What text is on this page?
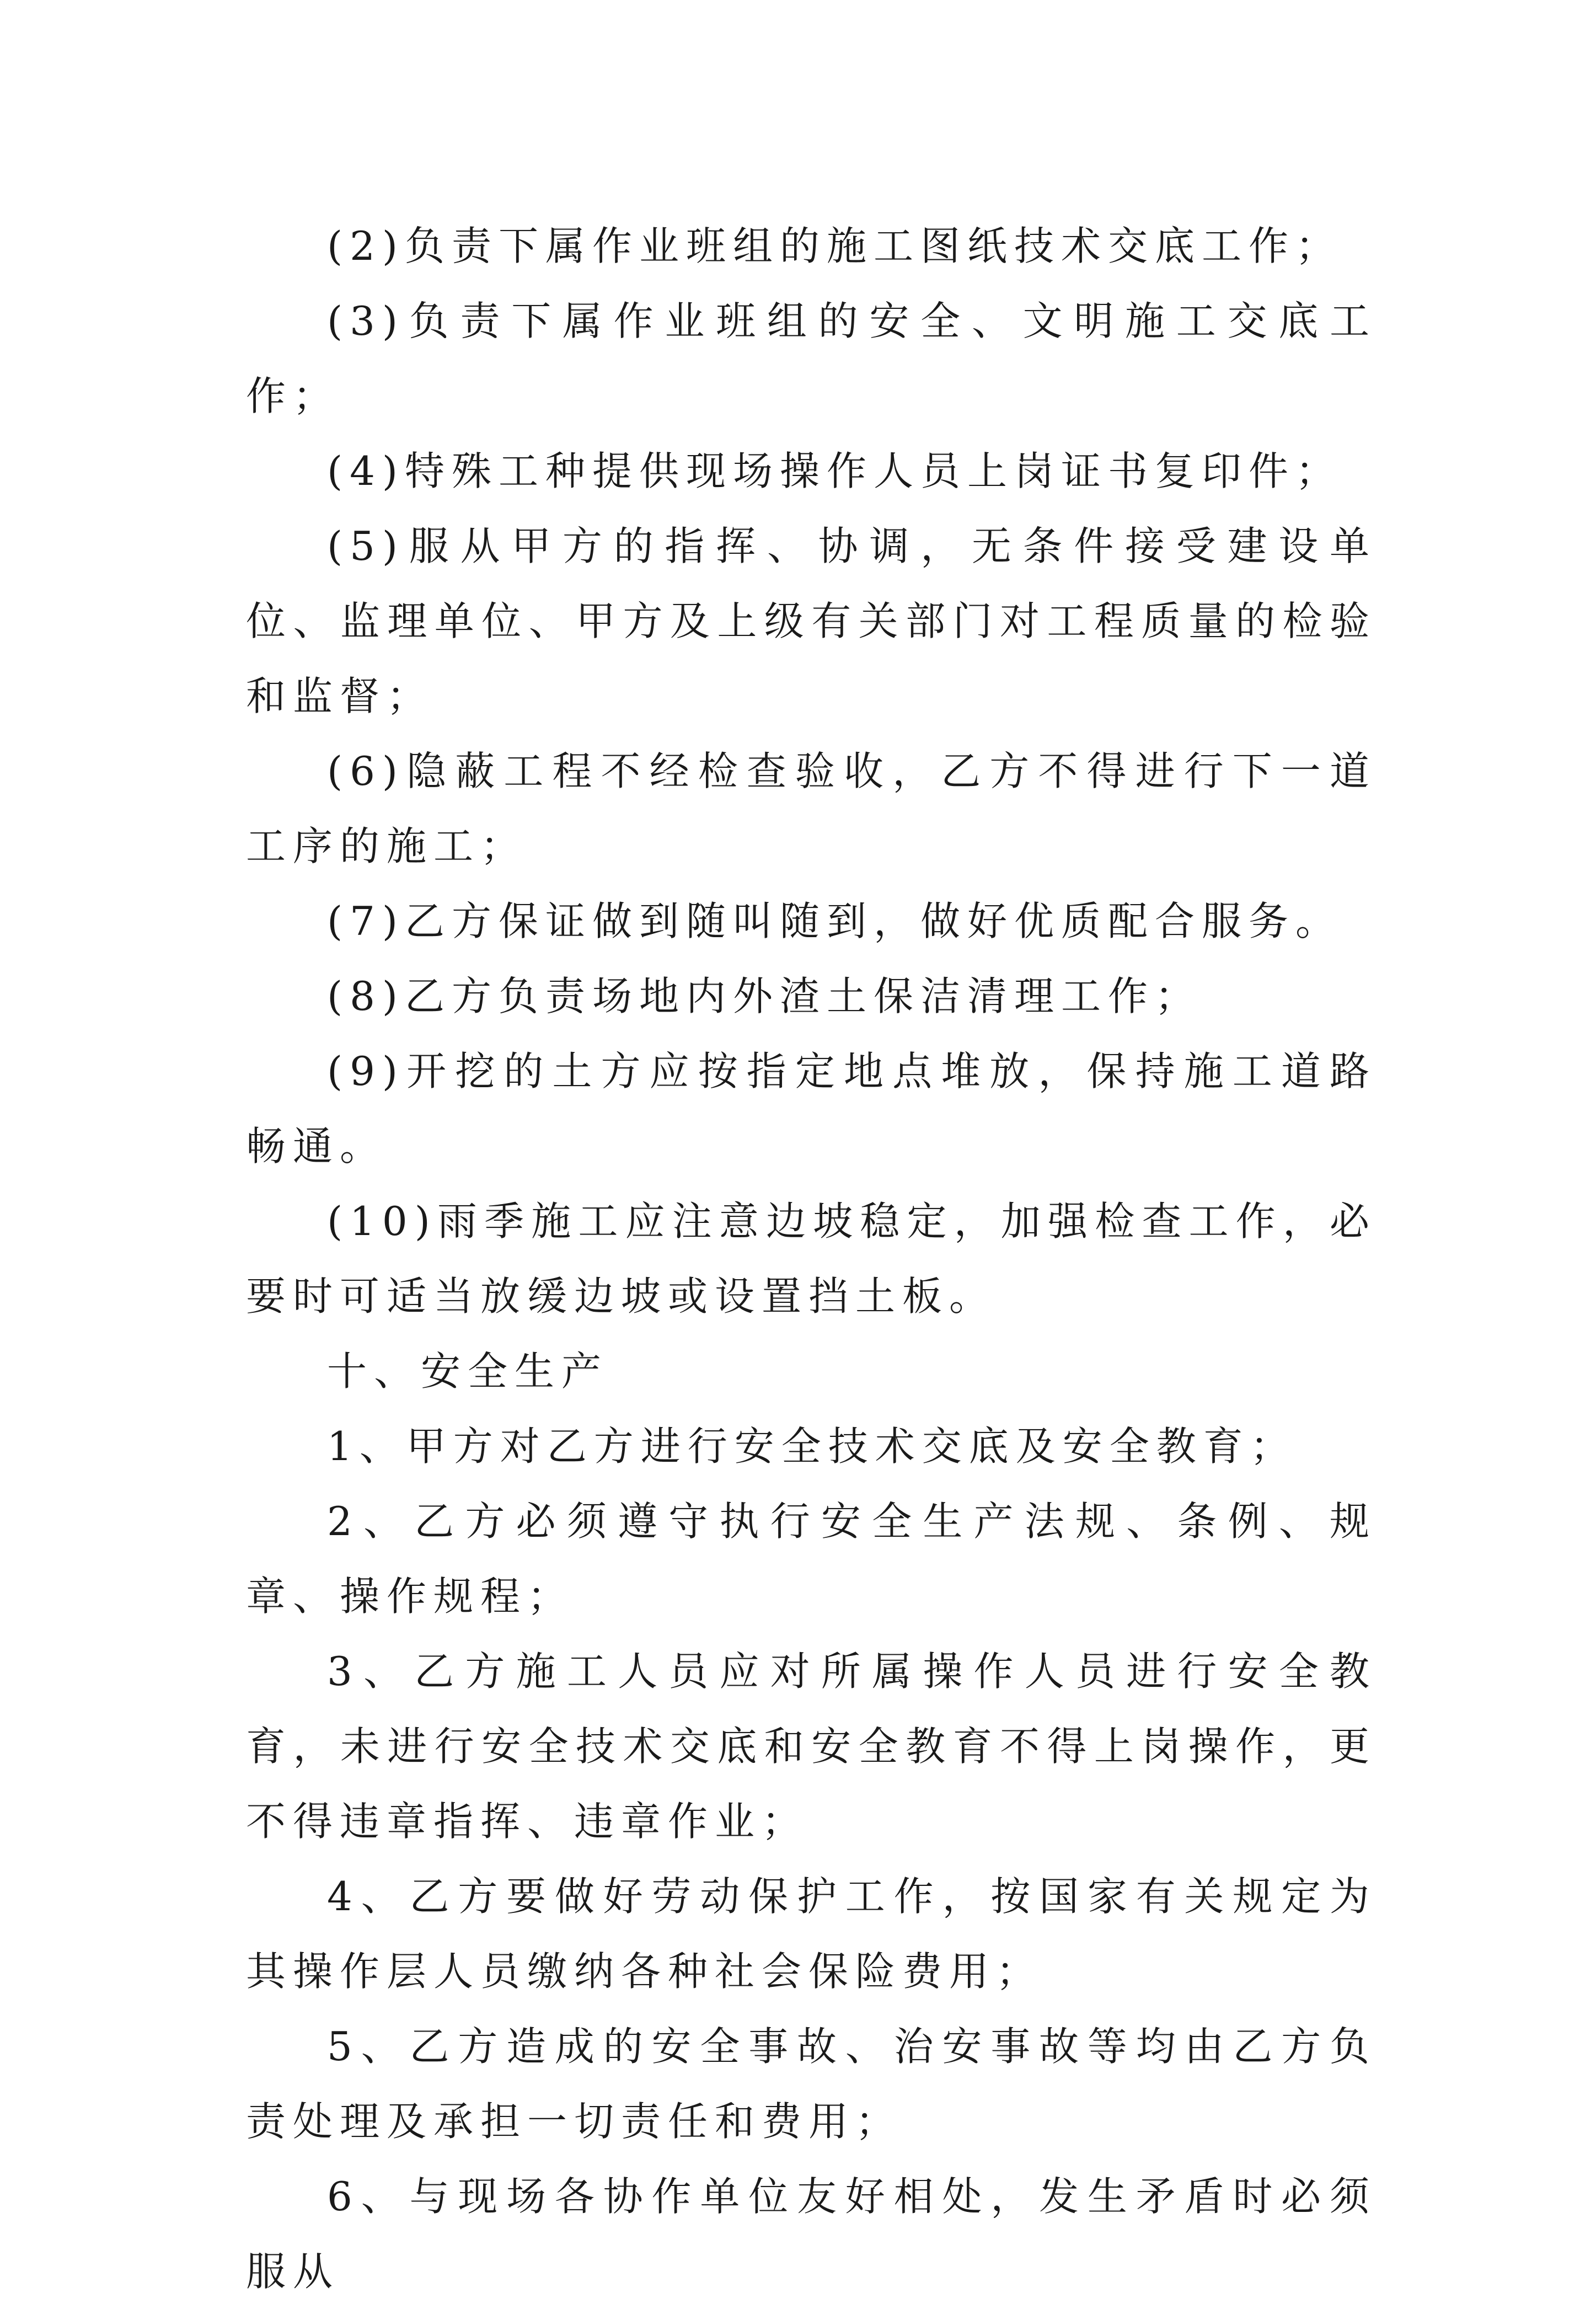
(2)负责下属作业班组的施工图纸技术交底工作；

(3)负责下属作业班组的安全、文明施工交底工作；

(4)特殊工种提供现场操作人员上岗证书复印件；

(5)服从甲方的指挥、协调，无条件接受建设单位、监理单位、甲方及上级有关部门对工程质量的检验和监督；

(6)隐蔽工程不经检查验收，乙方不得进行下一道工序的施工；

(7)乙方保证做到随叫随到，做好优质配合服务。

(8)乙方负责场地内外渣土保洁清理工作；

(9)开挖的土方应按指定地点堆放，保持施工道路畅通。

(10)雨季施工应注意边坡稳定，加强检查工作，必要时可适当放缓边坡或设置挡土板。

十、安全生产

1、甲方对乙方进行安全技术交底及安全教育；

2、乙方必须遵守执行安全生产法规、条例、规章、操作规程；

3、乙方施工人员应对所属操作人员进行安全教育，未进行安全技术交底和安全教育不得上岗操作，更不得违章指挥、违章作业；

4、乙方要做好劳动保护工作，按国家有关规定为其操作层人员缴纳各种社会保险费用；

5、乙方造成的安全事故、治安事故等均由乙方负责处理及承担一切责任和费用；

6、与现场各协作单位友好相处，发生矛盾时必须服从
